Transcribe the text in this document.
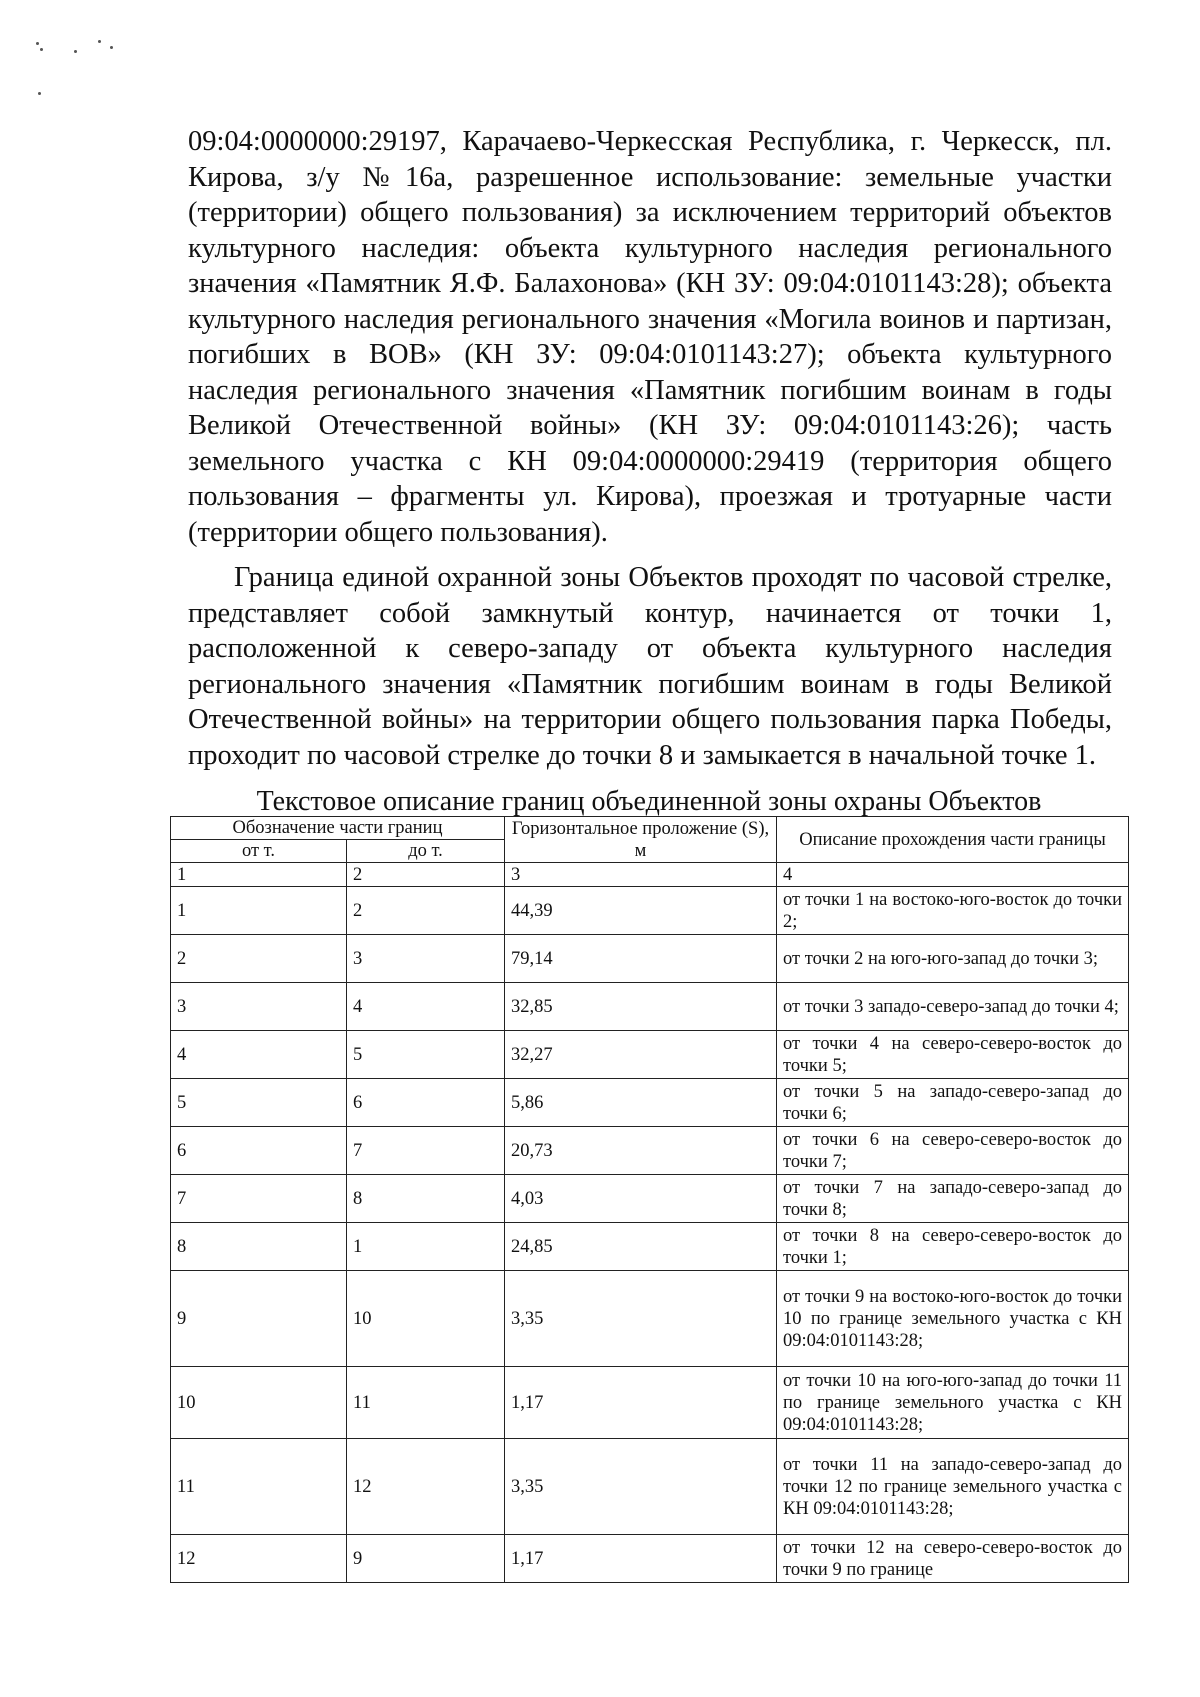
09:04:0000000:29197, Карачаево-Черкесская Республика, г. Черкесск, пл. Кирова, з/у №16а, разрешенное использование: земельные участки (территории) общего пользования) за исключением территорий объектов культурного наследия: объекта культурного наследия регионального значения «Памятник Я.Ф. Балахонова» (КН ЗУ: 09:04:0101143:28); объекта культурного наследия регионального значения «Могила воинов и партизан, погибших в ВОВ» (КН ЗУ: 09:04:0101143:27); объекта культурного наследия регионального значения «Памятник погибшим воинам в годы Великой Отечественной войны» (КН ЗУ: 09:04:0101143:26); часть земельного участка с КН 09:04:0000000:29419 (территория общего пользования – фрагменты ул. Кирова), проезжая и тротуарные части (территории общего пользования).

Граница единой охранной зоны Объектов проходят по часовой стрелке, представляет собой замкнутый контур, начинается от точки 1, расположенной к северо-западу от объекта культурного наследия регионального значения «Памятник погибшим воинам в годы Великой Отечественной войны» на территории общего пользования парка Победы, проходит по часовой стрелке до точки 8 и замыкается в начальной точке 1.

Текстовое описание границ объединенной зоны охраны Объектов
Обозначение части границ		Горизонтальное проложение (S), м	Описание прохождения части границы
от т.	до т.		
1	2	3	4
1	2	44,39	от точки 1 на востоко-юго-восток до точки 2;
2	3	79,14	от точки 2 на юго-юго-запад до точки 3;
3	4	32,85	от точки 3 западо-северо-запад до точки 4;
4	5	32,27	от точки 4 на северо-северо-восток до точки 5;
5	6	5,86	от точки 5 на западо-северо-запад до точки 6;
6	7	20,73	от точки 6 на северо-северо-восток до точки 7;
7	8	4,03	от точки 7 на западо-северо-запад до точки 8;
8	1	24,85	от точки 8 на северо-северо-восток до точки 1;
9	10	3,35	от точки 9 на востоко-юго-восток до точки 10 по границе земельного участка с КН 09:04:0101143:28;
10	11	1,17	от точки 10 на юго-юго-запад до точки 11 по границе земельного участка с КН 09:04:0101143:28;
11	12	3,35	от точки 11 на западо-северо-запад до точки 12 по границе земельного участка с КН 09:04:0101143:28;
12	9	1,17	от точки 12 на северо-северо-восток до точки 9 по границе
